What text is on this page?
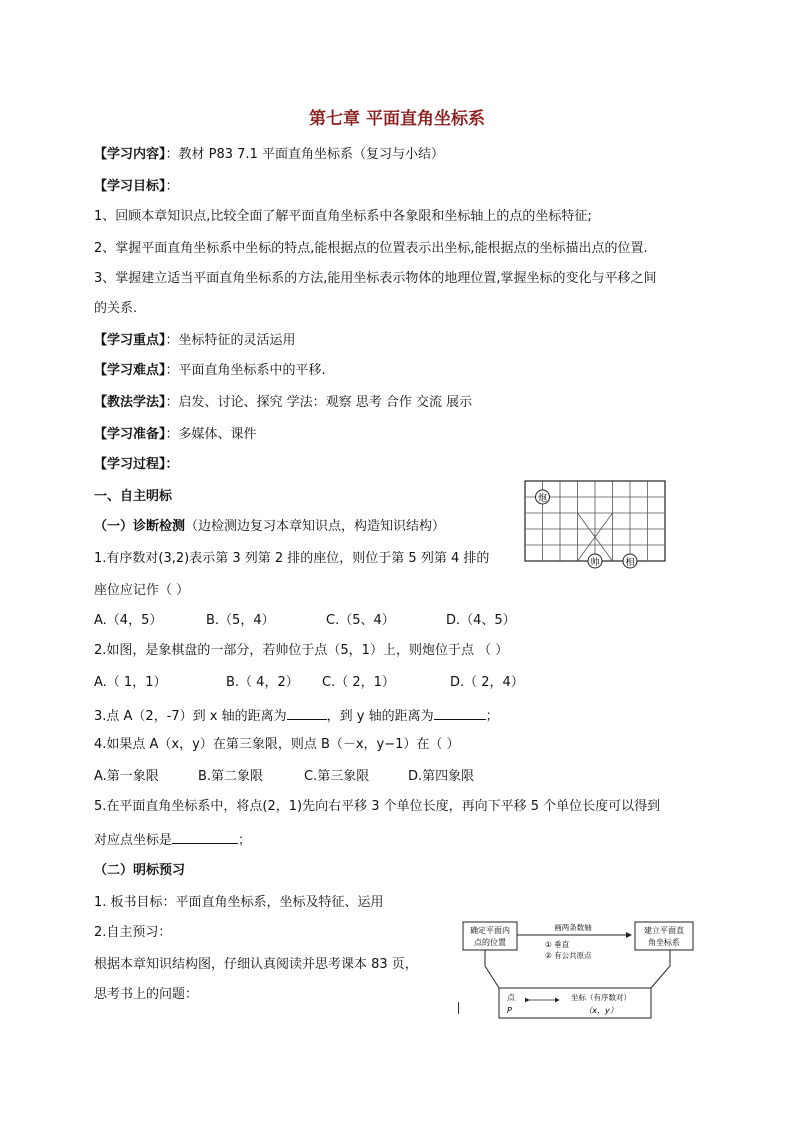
第七章 平面直角坐标系
【学习内容】：教材 P83 7.1 平面直角坐标系（复习与小结）
【学习目标】：
1、回顾本章知识点,比较全面了解平面直角坐标系中各象限和坐标轴上的点的坐标特征;
2、掌握平面直角坐标系中坐标的特点,能根据点的位置表示出坐标,能根据点的坐标描出点的位置.
3、掌握建立适当平面直角坐标系的方法,能用坐标表示物体的地理位置,掌握坐标的变化与平移之间
的关系.
【学习重点】：坐标特征的灵活运用
【学习难点】：平面直角坐标系中的平移.
【教法学法】：启发、讨论、探究 学法：观察 思考 合作 交流 展示
【学习准备】：多媒体、课件
【学习过程】：
一、自主明标
（一）诊断检测（边检测边复习本章知识点，构造知识结构）
1.有序数对(3,2)表示第 3 列第 2 排的座位，则位于第 5 列第 4 排的
座位应记作（ ）
A.（4，5）	B.（5，4）	C.（5、4）	D.（4、5）
2.如图，是象棋盘的一部分，若帅位于点（5，1）上，则炮位于点 （ ）
A.（ 1，1）	B.（ 4，2） C.（ 2，1）	D.（ 2，4）
3.点 A（2，-7）到 x 轴的距离为	，到 y 轴的距离为	；
4.如果点 A（x，y）在第三象限，则点 B（－x，y−1）在（ ）
A.第一象限	B.第二象限	C.第三象限	D.第四象限
5.在平面直角坐标系中，将点(2，1)先向右平移 3 个单位长度，再向下平移 5 个单位长度可以得到
对应点坐标是	；
（二）明标预习
1. 板书目标：平面直角坐标系，坐标及特征、运用
2.自主预习：
根据本章知识结构图，仔细认真阅读并思考课本 83 页，
思考书上的问题：
炮
帅	相
确定平面内
点的位置
画两条数轴
① 垂直
② 有公共原点
建立平面直
角坐标系
点
P
坐标（有序数对）
（x，y）
